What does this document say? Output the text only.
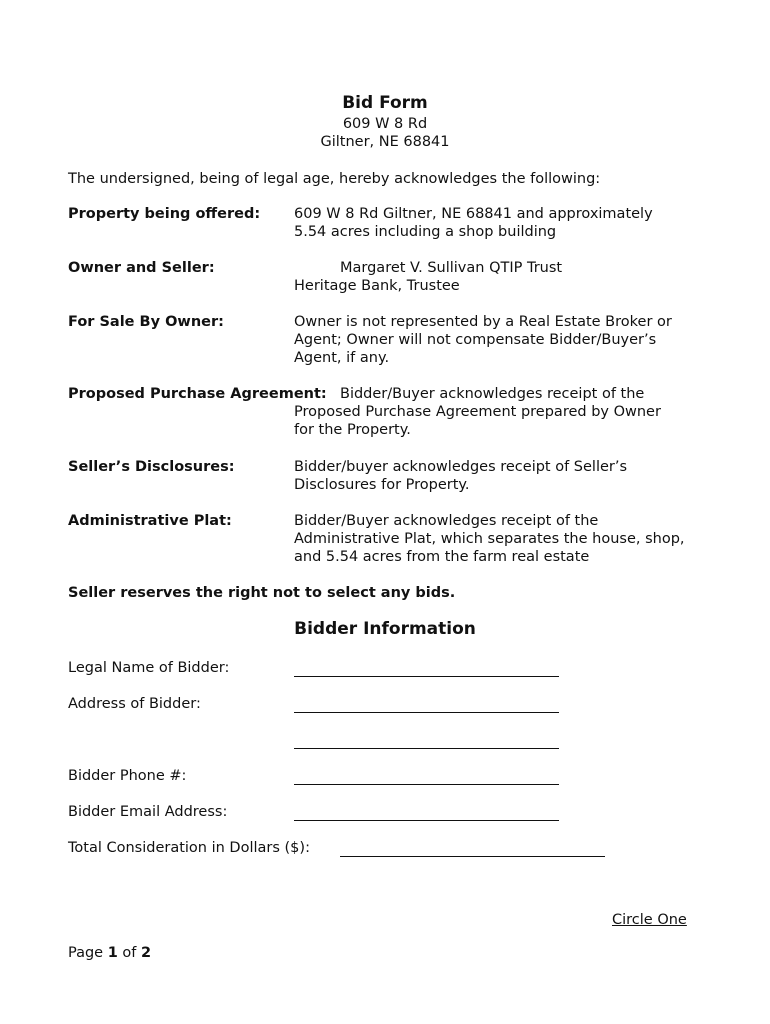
Bid Form
609 W 8 Rd
Giltner, NE 68841
The undersigned, being of legal age, hereby acknowledges the following:
Property being offered: 609 W 8 Rd Giltner, NE 68841 and approximately
5.54 acres including a shop building
Owner and Seller:	Margaret V. Sullivan QTIP Trust
Heritage Bank, Trustee
For Sale By Owner:	Owner is not represented by a Real Estate Broker or
Agent; Owner will not compensate Bidder/Buyer’s
Agent, if any.
Proposed Purchase Agreement: Bidder/Buyer acknowledges receipt of the
Proposed Purchase Agreement prepared by Owner
for the Property.
Seller’s Disclosures:	Bidder/buyer acknowledges receipt of Seller’s
Disclosures for Property.
Administrative Plat:	Bidder/Buyer acknowledges receipt of the
Administrative Plat, which separates the house, shop,
and 5.54 acres from the farm real estate
Seller reserves the right not to select any bids.
Bidder Information
Legal Name of Bidder:
Address of Bidder:
Bidder Phone #:
Bidder Email Address:
Total Consideration in Dollars ($):
Circle One
Page 1 of 2
